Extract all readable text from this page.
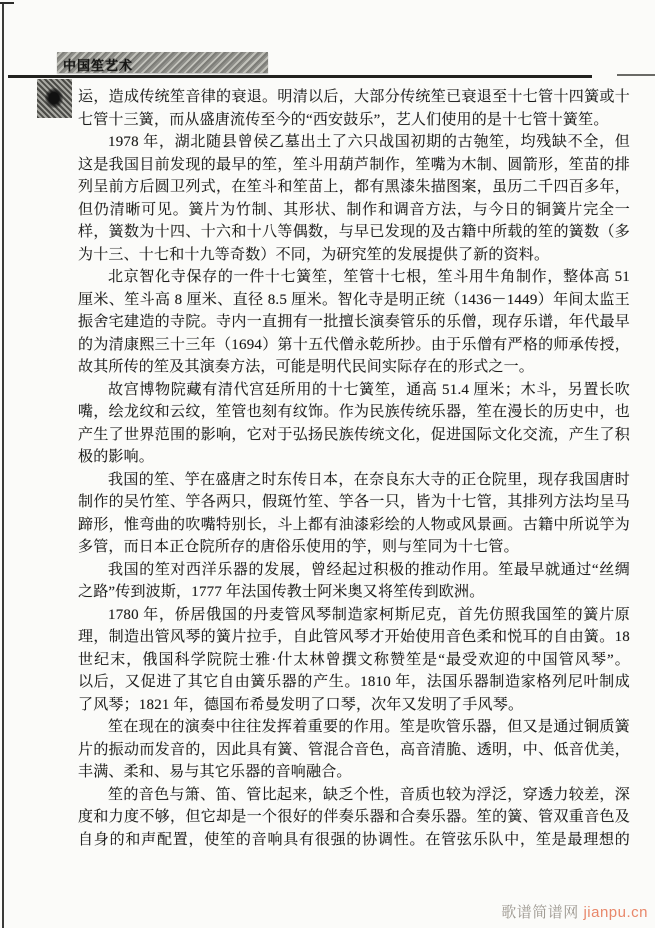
中国笙艺术
运，造成传统笙音律的衰退。明清以后，大部分传统笙已衰退至十七管十四簧或十
七管十三簧，而从盛唐流传至今的“西安鼓乐”，艺人们使用的是十七管十簧笙。
1978 年，湖北随县曾侯乙墓出土了六只战国初期的古匏笙，均残缺不全，但
这是我国目前发现的最早的笙，笙斗用葫芦制作，笙嘴为木制、圆箭形，笙苗的排
列呈前方后圆卫列式，在笙斗和笙苗上，都有黑漆朱描图案，虽历二千四百多年，
但仍清晰可见。簧片为竹制、其形状、制作和调音方法，与今日的铜簧片完全一
样，簧数为十四、十六和十八等偶数，与早已发现的及古籍中所载的笙的簧数（多
为十三、十七和十九等奇数）不同，为研究笙的发展提供了新的资料。
北京智化寺保存的一件十七簧笙，笙管十七根，笙斗用牛角制作，整体高 51
厘米、笙斗高 8 厘米、直径 8.5 厘米。智化寺是明正统（1436－1449）年间太监王
振舍宅建造的寺院。寺内一直拥有一批擅长演奏管乐的乐僧，现存乐谱，年代最早
的为清康熙三十三年（1694）第十五代僧永乾所抄。由于乐僧有严格的师承传授，
故其所传的笙及其演奏方法，可能是明代民间实际存在的形式之一。
故宫博物院藏有清代宫廷所用的十七簧笙，通高 51.4 厘米；木斗，另置长吹
嘴，绘龙纹和云纹，笙管也刻有纹饰。作为民族传统乐器，笙在漫长的历史中，也
产生了世界范围的影响，它对于弘扬民族传统文化，促进国际文化交流，产生了积
极的影响。
我国的笙、竽在盛唐之时东传日本，在奈良东大寺的正仓院里，现存我国唐时
制作的吴竹笙、竽各两只，假斑竹笙、竽各一只，皆为十七管，其排列方法均呈马
蹄形，惟弯曲的吹嘴特别长，斗上都有油漆彩绘的人物或风景画。古籍中所说竽为
多管，而日本正仓院所存的唐俗乐使用的竽，则与笙同为十七管。
我国的笙对西洋乐器的发展，曾经起过积极的推动作用。笙最早就通过“丝绸
之路”传到波斯，1777 年法国传教士阿米奥又将笙传到欧洲。
1780 年，侨居俄国的丹麦管风琴制造家柯斯尼克，首先仿照我国笙的簧片原
理，制造出管风琴的簧片拉手，自此管风琴才开始使用音色柔和悦耳的自由簧。18
世纪末，俄国科学院院士雅·什太林曾撰文称赞笙是“最受欢迎的中国管风琴”。
以后，又促进了其它自由簧乐器的产生。1810 年，法国乐器制造家格列尼叶制成
了风琴；1821 年，德国布希曼发明了口琴，次年又发明了手风琴。
笙在现在的演奏中往往发挥着重要的作用。笙是吹管乐器，但又是通过铜质簧
片的振动而发音的，因此具有簧、管混合音色，高音清脆、透明，中、低音优美，
丰满、柔和、易与其它乐器的音响融合。
笙的音色与箫、笛、管比起来，缺乏个性，音质也较为浮泛，穿透力较差，深
度和力度不够，但它却是一个很好的伴奏乐器和合奏乐器。笙的簧、管双重音色及
自身的和声配置，使笙的音响具有很强的协调性。在管弦乐队中，笙是最理想的
歌谱简谱网 jianpu.cn
